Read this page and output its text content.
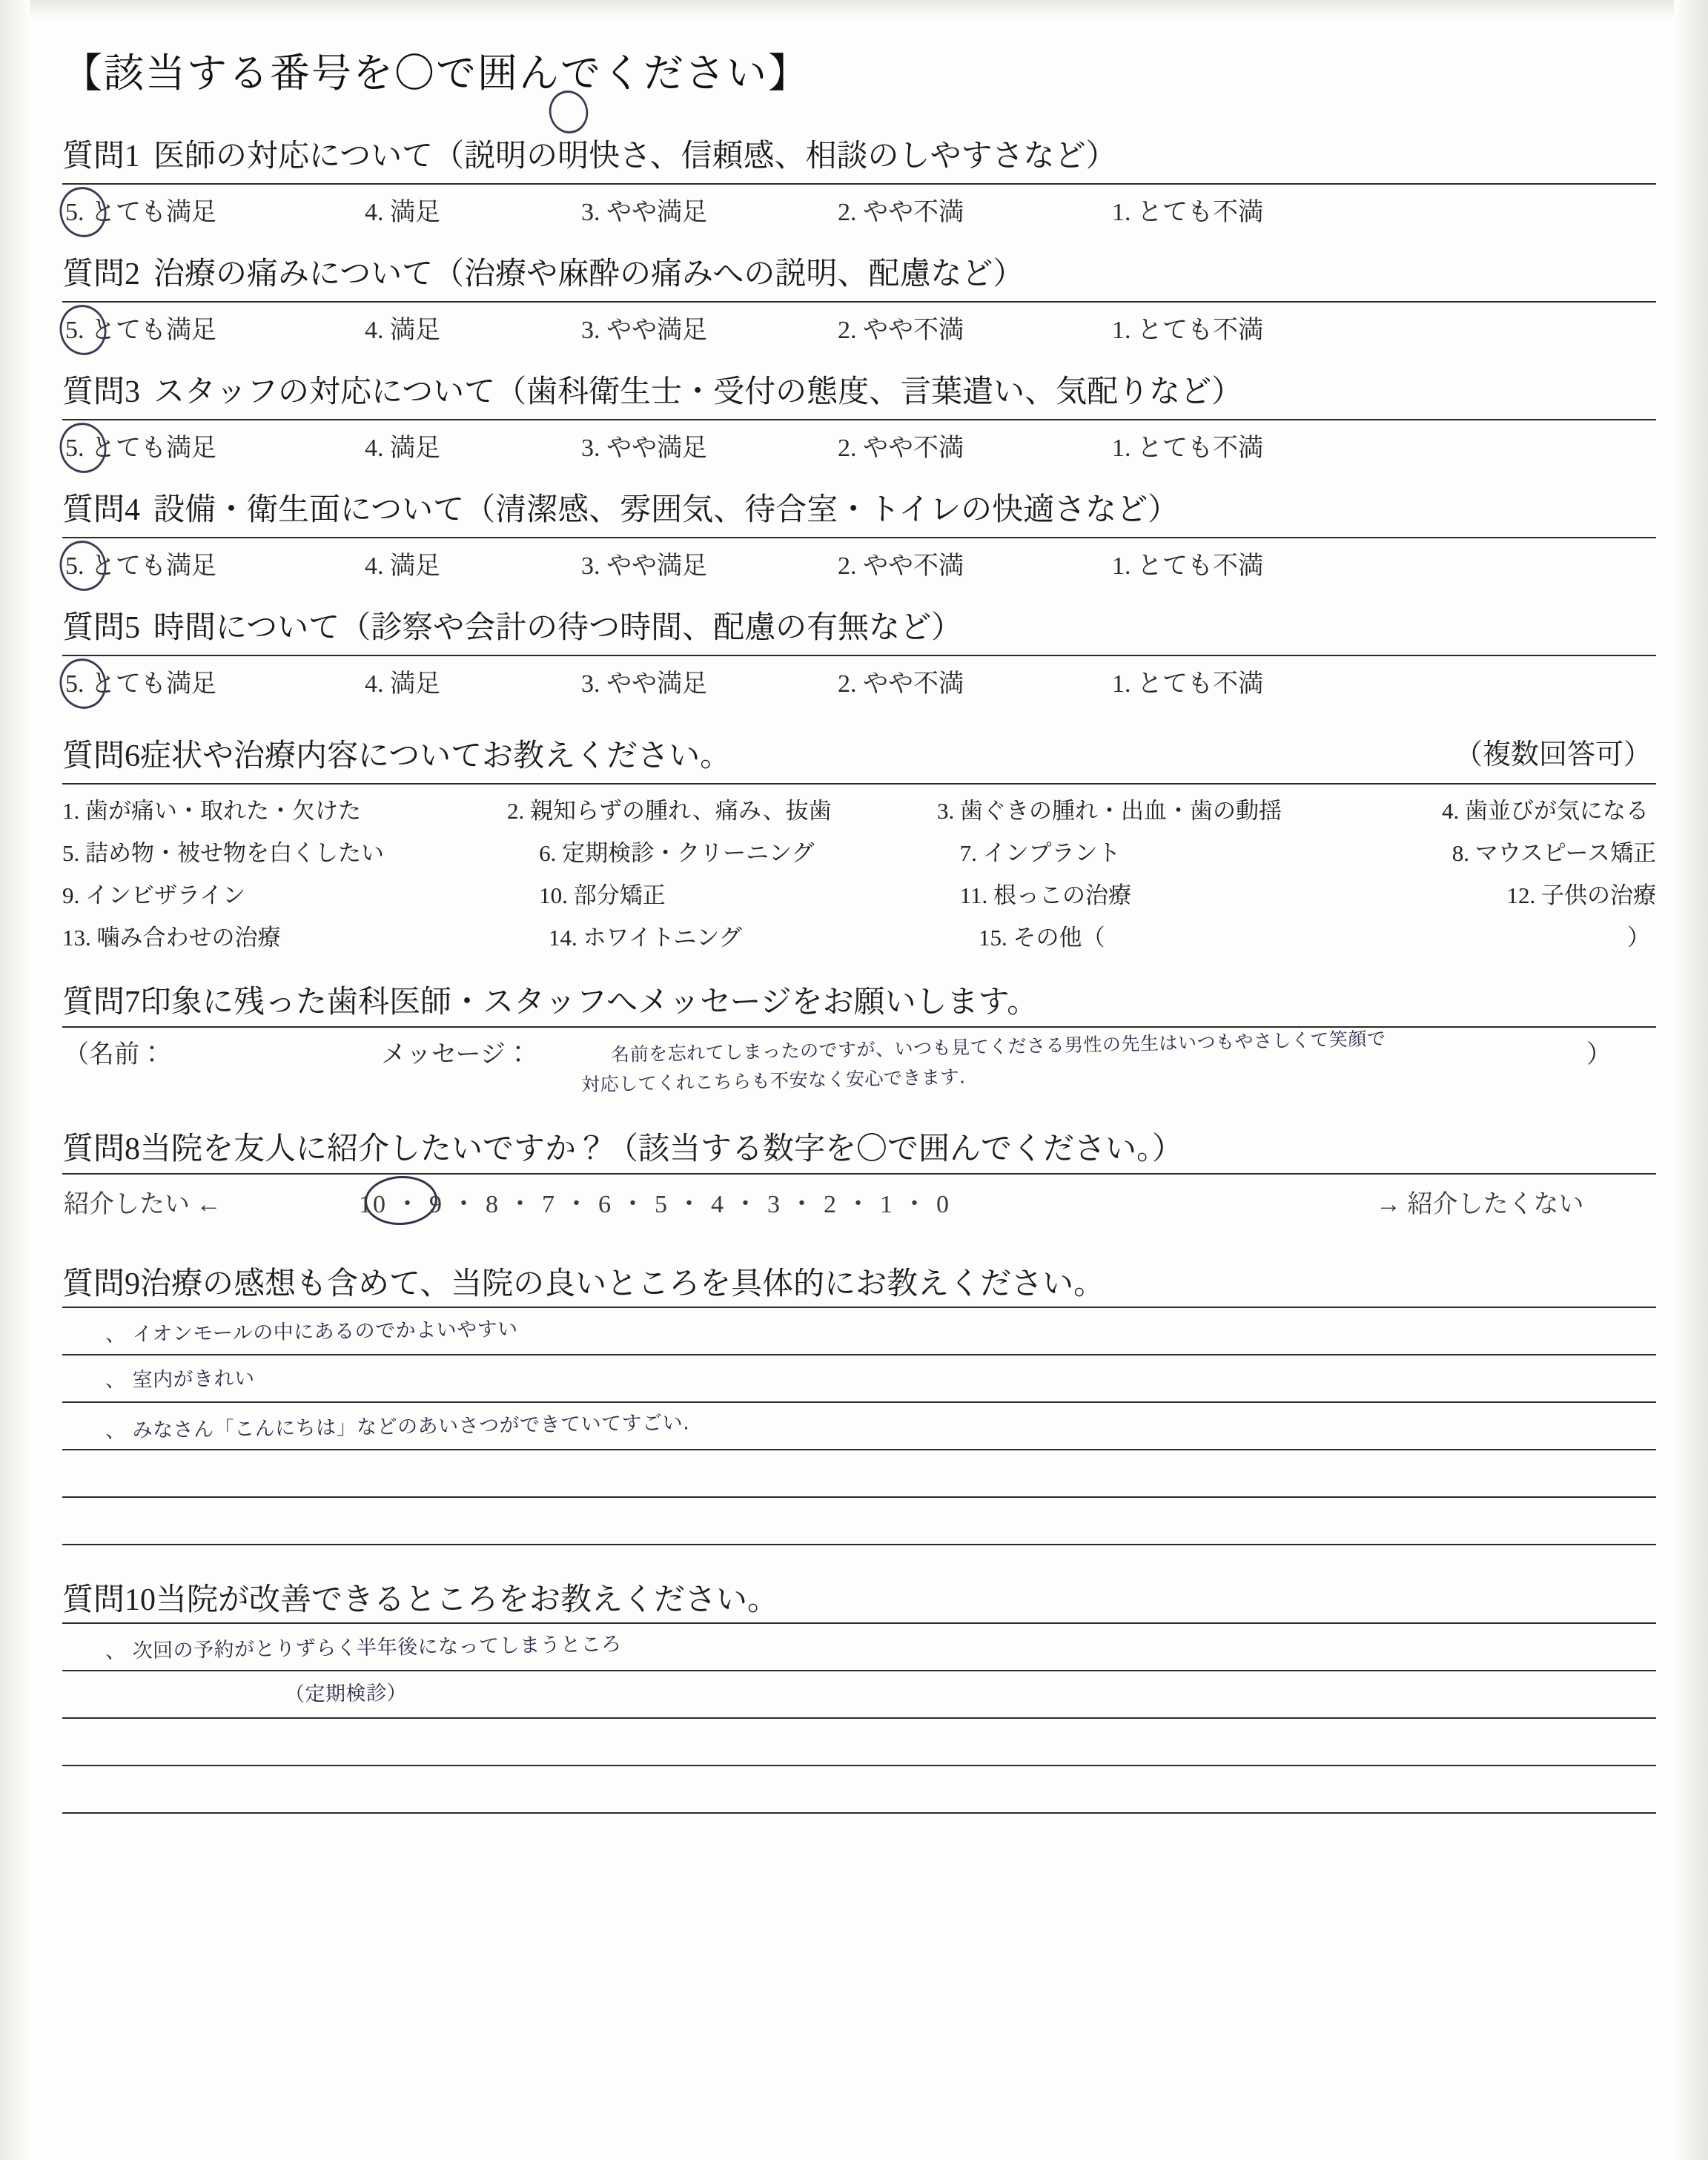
【該当する番号を〇で囲んでください】
質問1 医師の対応について（説明の明快さ、信頼感、相談のしやすさなど）
5. とても満足	4. 満足	3. やや満足	2. やや不満	1. とても不満
質問2 治療の痛みについて（治療や麻酔の痛みへの説明、配慮など）
5. とても満足	4. 満足	3. やや満足	2. やや不満	1. とても不満
質問3 スタッフの対応について（歯科衛生士・受付の態度、言葉遣い、気配りなど）
5. とても満足	4. 満足	3. やや満足	2. やや不満	1. とても不満
質問4 設備・衛生面について（清潔感、雰囲気、待合室・トイレの快適さなど）
5. とても満足	4. 満足	3. やや満足	2. やや不満	1. とても不満
質問5 時間について（診察や会計の待つ時間、配慮の有無など）
5. とても満足	4. 満足	3. やや満足	2. やや不満	1. とても不満
質問6症状や治療内容についてお教えください。	（複数回答可）
1. 歯が痛い・取れた・欠けた	2. 親知らずの腫れ、痛み、抜歯	3. 歯ぐきの腫れ・出血・歯の動揺	4. 歯並びが気になる
5. 詰め物・被せ物を白くしたい	6. 定期検診・クリーニング	7. インプラント	8. マウスピース矯正
9. インビザライン	10. 部分矯正	11. 根っこの治療	12. 子供の治療
13. 噛み合わせの治療	14. ホワイトニング	15. その他（	）
質問7印象に残った歯科医師・スタッフへメッセージをお願いします。
（名前：	メッセージ：	）
名前を忘れてしまったのですが、いつも見てくださる男性の先生はいつもやさしくて笑顔で
対応してくれこちらも不安なく安心できます.
質問8当院を友人に紹介したいですか？（該当する数字を〇で囲んでください。）
紹介したい ←	10 ・ 9 ・ 8 ・ 7 ・ 6 ・ 5 ・ 4 ・ 3 ・ 2 ・ 1 ・ 0	→ 紹介したくない
質問9治療の感想も含めて、当院の良いところを具体的にお教えください。
、 イオンモールの中にあるのでかよいやすい
、 室内がきれい
、 みなさん「こんにちは」などのあいさつができていてすごい.
質問10当院が改善できるところをお教えください。
、 次回の予約がとりずらく半年後になってしまうところ
（定期検診）
